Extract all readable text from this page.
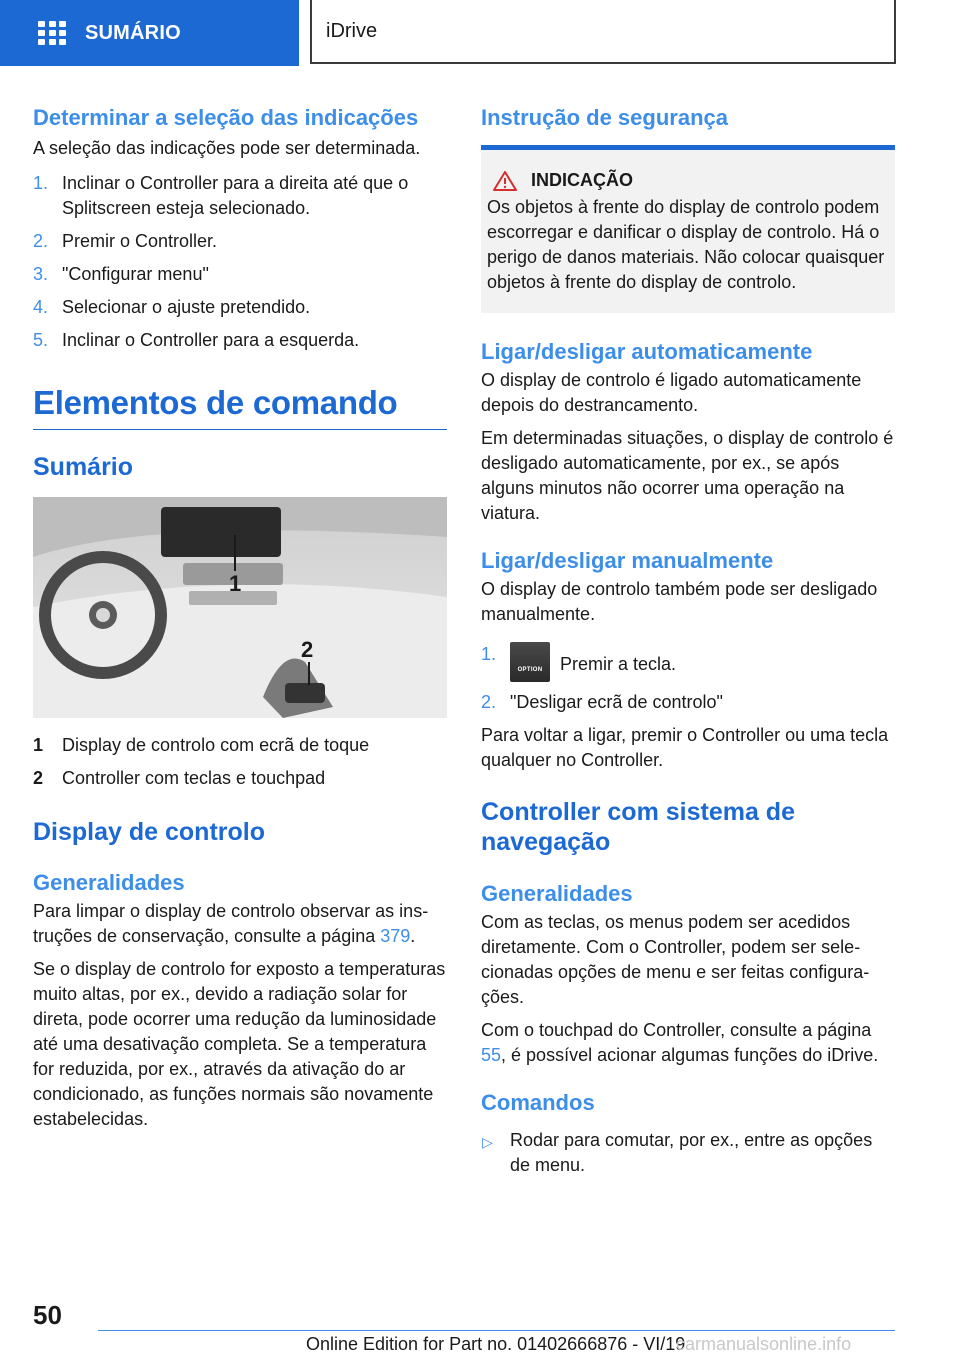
SUMÁRIO	iDrive
Determinar a seleção das indicações
A seleção das indicações pode ser determinada.
1. Inclinar o Controller para a direita até que o Splitscreen esteja selecionado.
2. Premir o Controller.
3. "Configurar menu"
4. Selecionar o ajuste pretendido.
5. Inclinar o Controller para a esquerda.
Elementos de comando
Sumário
1
2
1 Display de controlo com ecrã de toque
2 Controller com teclas e touchpad
Display de controlo
Generalidades
Para limpar o display de controlo observar as instruções de conservação, consulte a página 379.
Se o display de controlo for exposto a temperaturas muito altas, por ex., devido a radiação solar for direta, pode ocorrer uma redução da luminosidade até uma desativação completa. Se a temperatura for reduzida, por ex., através da ativação do ar condicionado, as funções normais são novamente estabelecidas.
Instrução de segurança
INDICAÇÃO
Os objetos à frente do display de controlo podem escorregar e danificar o display de controlo. Há o perigo de danos materiais. Não colocar quaisquer objetos à frente do display de controlo.
Ligar/desligar automaticamente
O display de controlo é ligado automaticamente depois do destrancamento.
Em determinadas situações, o display de controlo é desligado automaticamente, por ex., se após alguns minutos não ocorrer uma operação na viatura.
Ligar/desligar manualmente
O display de controlo também pode ser desligado manualmente.
1.
OPTION Premir a tecla.
2. "Desligar ecrã de controlo"
Para voltar a ligar, premir o Controller ou uma tecla qualquer no Controller.
Controller com sistema de navegação
Generalidades
Com as teclas, os menus podem ser acedidos diretamente. Com o Controller, podem ser selecionadas opções de menu e ser feitas configurações.
Com o touchpad do Controller, consulte a página 55, é possível acionar algumas funções do iDrive.
Comandos
▷ Rodar para comutar, por ex., entre as opções de menu.
50
Online Edition for Part no. 01402666876 - VI/19
carmanualsonline.info
